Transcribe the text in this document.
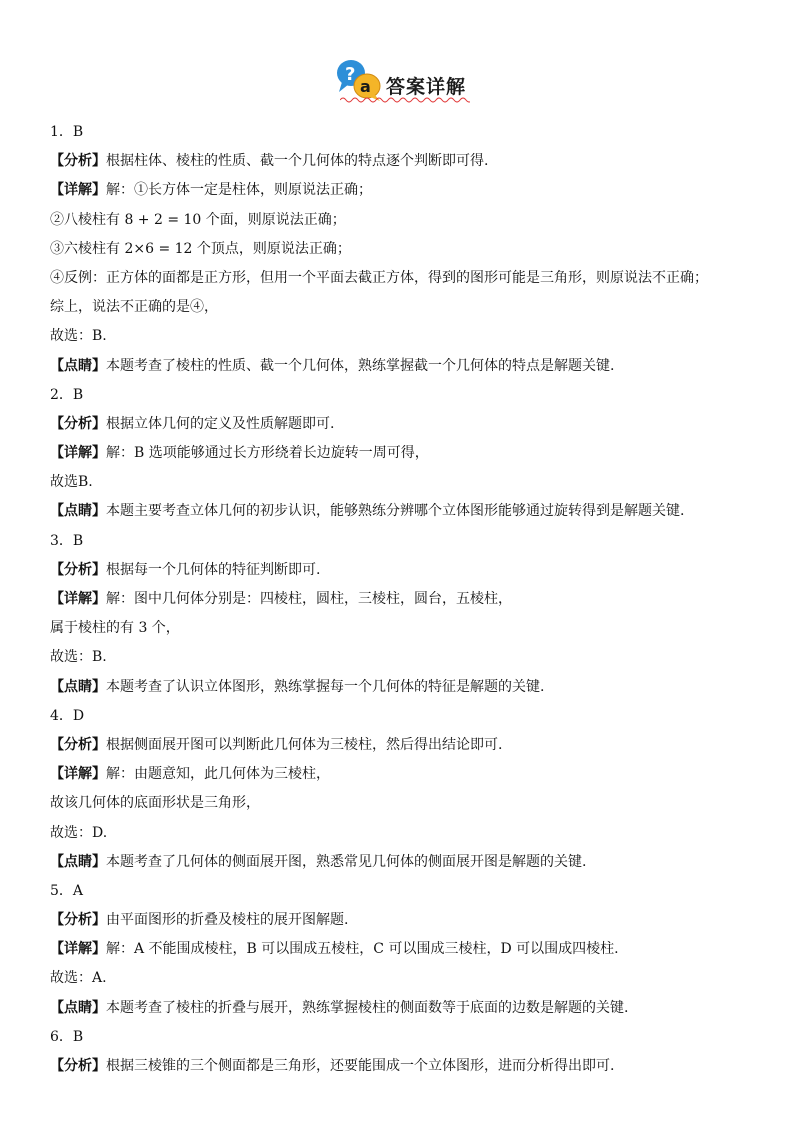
?
a 答案详解
1．B
【分析】根据柱体、棱柱的性质、截一个几何体的特点逐个判断即可得.
【详解】解：①长方体一定是柱体，则原说法正确；
②八棱柱有 8 + 2 = 10 个面，则原说法正确；
③六棱柱有 2×6 = 12 个顶点，则原说法正确；
④反例：正方体的面都是正方形，但用一个平面去截正方体，得到的图形可能是三角形，则原说法不正确；
综上，说法不正确的是④，
故选：B.
【点睛】本题考查了棱柱的性质、截一个几何体，熟练掌握截一个几何体的特点是解题关键.
2．B
【分析】根据立体几何的定义及性质解题即可.
【详解】解：B 选项能够通过长方形绕着长边旋转一周可得，
故选B.
【点睛】本题主要考查立体几何的初步认识，能够熟练分辨哪个立体图形能够通过旋转得到是解题关键.
3．B
【分析】根据每一个几何体的特征判断即可.
【详解】解：图中几何体分别是：四棱柱，圆柱，三棱柱，圆台，五棱柱，
属于棱柱的有 3 个，
故选：B.
【点睛】本题考查了认识立体图形，熟练掌握每一个几何体的特征是解题的关键.
4．D
【分析】根据侧面展开图可以判断此几何体为三棱柱，然后得出结论即可.
【详解】解：由题意知，此几何体为三棱柱，
故该几何体的底面形状是三角形，
故选：D.
【点睛】本题考查了几何体的侧面展开图，熟悉常见几何体的侧面展开图是解题的关键.
5．A
【分析】由平面图形的折叠及棱柱的展开图解题.
【详解】解：A 不能围成棱柱，B 可以围成五棱柱，C 可以围成三棱柱，D 可以围成四棱柱.
故选：A.
【点睛】本题考查了棱柱的折叠与展开，熟练掌握棱柱的侧面数等于底面的边数是解题的关键.
6．B
【分析】根据三棱锥的三个侧面都是三角形，还要能围成一个立体图形，进而分析得出即可.
